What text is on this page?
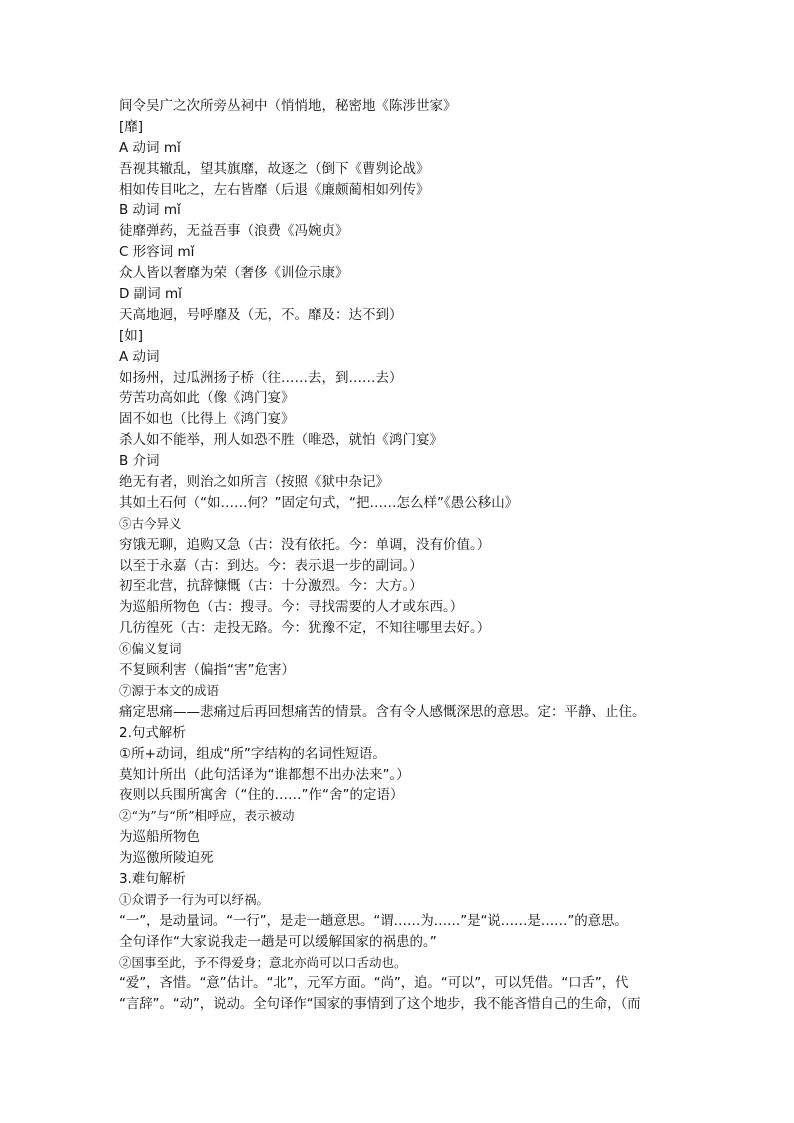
间令吴广之次所旁丛祠中（悄悄地，秘密地《陈涉世家》
[靡]
A 动词 mǐ
吾视其辙乱，望其旗靡，故逐之（倒下《曹刿论战》
相如传目叱之，左右皆靡（后退《廉颇蔺相如列传》
B 动词 mǐ
徒靡弹药，无益吾事（浪费《冯婉贞》
C 形容词 mǐ
众人皆以奢靡为荣（奢侈《训俭示康》
D 副词 mǐ
天高地迥，号呼靡及（无，不。靡及：达不到）
[如]
A 动词
如扬州，过瓜洲扬子桥（往……去，到……去）
劳苦功高如此（像《鸿门宴》
固不如也（比得上《鸿门宴》
杀人如不能举，刑人如恐不胜（唯恐，就怕《鸿门宴》
B 介词
绝无有者，则治之如所言（按照《狱中杂记》
其如土石何（“如……何？”固定句式，“把……怎么样”《愚公移山》
⑤古今异义
穷饿无聊，追购又急（古：没有依托。今：单调，没有价值。）
以至于永嘉（古：到达。今：表示退一步的副词。）
初至北营，抗辞慷慨（古：十分激烈。今：大方。）
为巡船所物色（古：搜寻。今：寻找需要的人才或东西。）
几彷徨死（古：走投无路。今：犹豫不定，不知往哪里去好。）
⑥偏义复词
不复顾利害（偏指“害”危害）
⑦源于本文的成语
痛定思痛——悲痛过后再回想痛苦的情景。含有令人感慨深思的意思。定：平静、止住。
2.句式解析
①所+动词，组成“所”字结构的名词性短语。
莫知计所出（此句活译为“谁都想不出办法来”。）
夜则以兵围所寓舍（“住的……”作“舍”的定语）
②“为”与“所”相呼应，表示被动
为巡船所物色
为巡徼所陵迫死
3.难句解析
①众谓予一行为可以纾祸。
“一”，是动量词。“一行”，是走一趟意思。“谓……为……”是“说……是……”的意思。
全句译作“大家说我走一趟是可以缓解国家的祸患的。”
②国事至此，予不得爱身；意北亦尚可以口舌动也。
“爱”，吝惜。“意”估计。“北”，元军方面。“尚”，追。“可以”，可以凭借。“口舌”，代
“言辞”。“动”，说动。全句译作“国家的事情到了这个地步，我不能吝惜自己的生命，（而
